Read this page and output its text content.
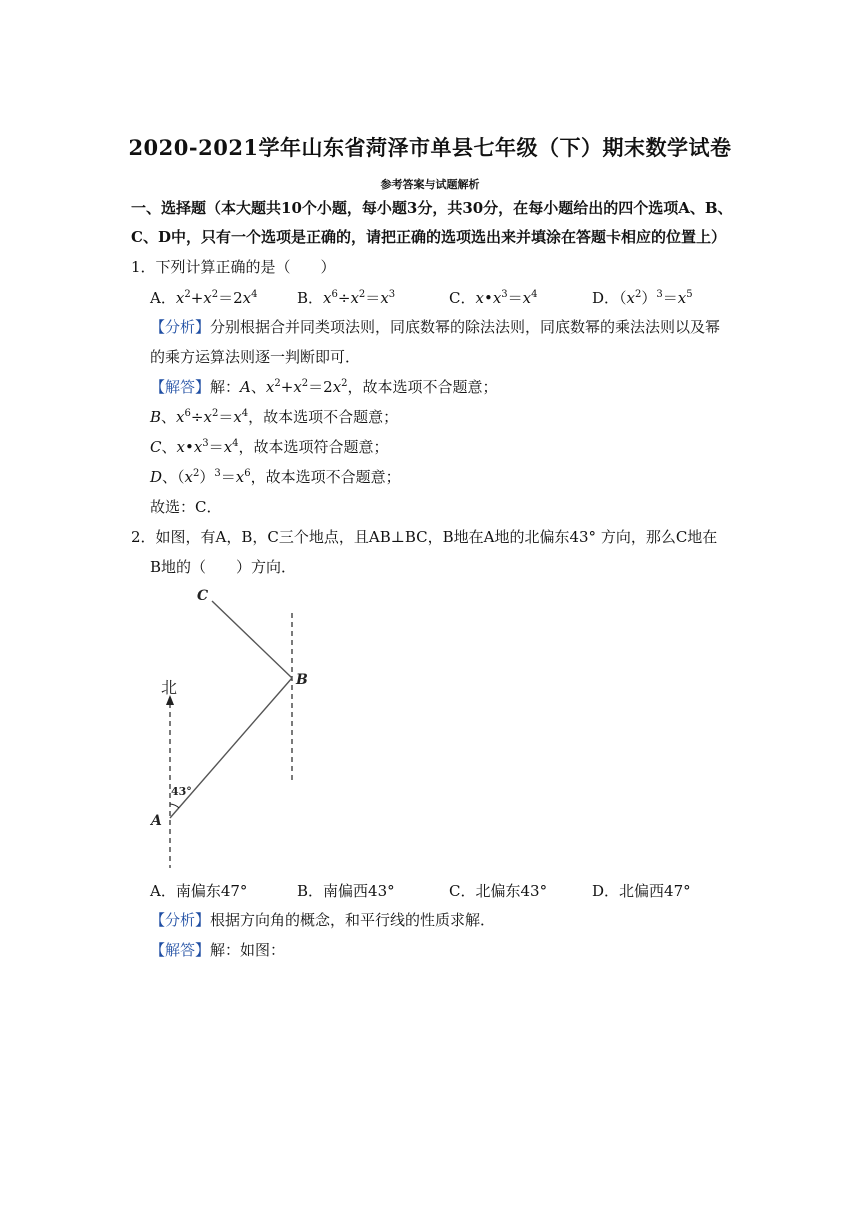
2020-2021学年山东省菏泽市单县七年级（下）期末数学试卷
参考答案与试题解析
一、选择题（本大题共10个小题，每小题3分，共30分，在每小题给出的四个选项A、B、
C、D中，只有一个选项是正确的，请把正确的选项选出来并填涂在答题卡相应的位置上）
1．下列计算正确的是（　　）
A．$x^2+x^2=2x^4$	B．$x^6\div x^2=x^3$	C．$x•x^3=x^4$	D．$(x^2)^3=x^5$
【分析】分别根据合并同类项法则，同底数幂的除法法则，同底数幂的乘法法则以及幂
的乘方运算法则逐一判断即可．
【解答】解：A、$x^2+x^2=2x^2$，故本选项不合题意；
B、$x^6\div x^2=x^4$，故本选项不合题意；
C、$x•x^3=x^4$，故本选项符合题意；
D、$(x^2)^3=x^6$，故本选项不合题意；
故选：C．
2．如图，有A，B，C三个地点，且AB⊥BC，B地在A地的北偏东43° 方向，那么C地在
B地的（　　）方向．
C
B
A
北
43°
A．南偏东47°	B．南偏西43°	C．北偏东43°	D．北偏西47°
【分析】根据方向角的概念，和平行线的性质求解．
【解答】解：如图：
